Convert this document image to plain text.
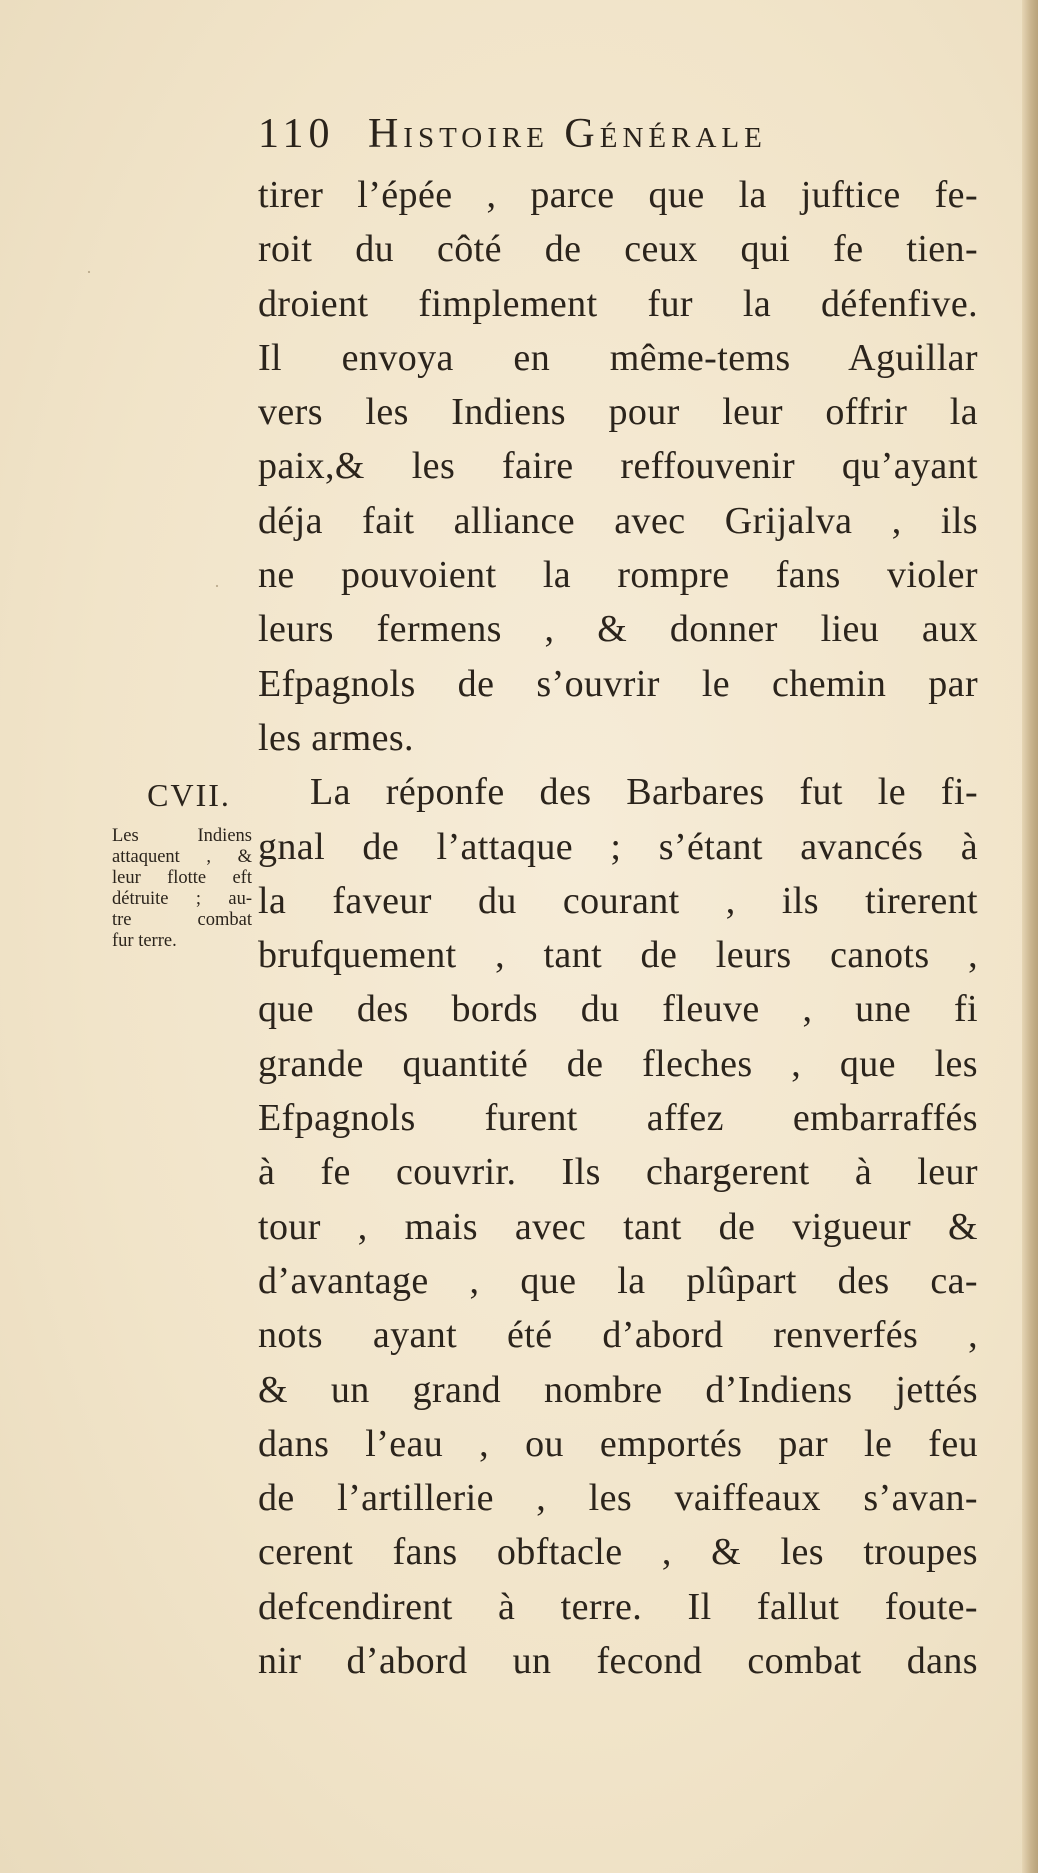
·
·
110 Histoire Générale
CVII.
Les Indiens
attaquent , &
leur flotte eft
détruite ; au-
tre combat
fur terre.
tirer l’épée , parce que la juftice fe-
roit du côté de ceux qui fe tien-
droient fimplement fur la défenfive.
Il envoya en même-tems Aguillar
vers les Indiens pour leur offrir la
paix,& les faire reffouvenir qu’ayant
déja fait alliance avec Grijalva , ils
ne pouvoient la rompre fans violer
leurs fermens , & donner lieu aux
Efpagnols de s’ouvrir le chemin par
les armes.
La réponfe des Barbares fut le fi-
gnal de l’attaque ; s’étant avancés à
la faveur du courant , ils tirerent
brufquement , tant de leurs canots ,
que des bords du fleuve , une fi
grande quantité de fleches , que les
Efpagnols furent affez embarraffés
à fe couvrir. Ils chargerent à leur
tour , mais avec tant de vigueur &
d’avantage , que la plûpart des ca-
nots ayant été d’abord renverfés ,
& un grand nombre d’Indiens jettés
dans l’eau , ou emportés par le feu
de l’artillerie , les vaiffeaux s’avan-
cerent fans obftacle , & les troupes
defcendirent à terre. Il fallut foute-
nir d’abord un fecond combat dans
